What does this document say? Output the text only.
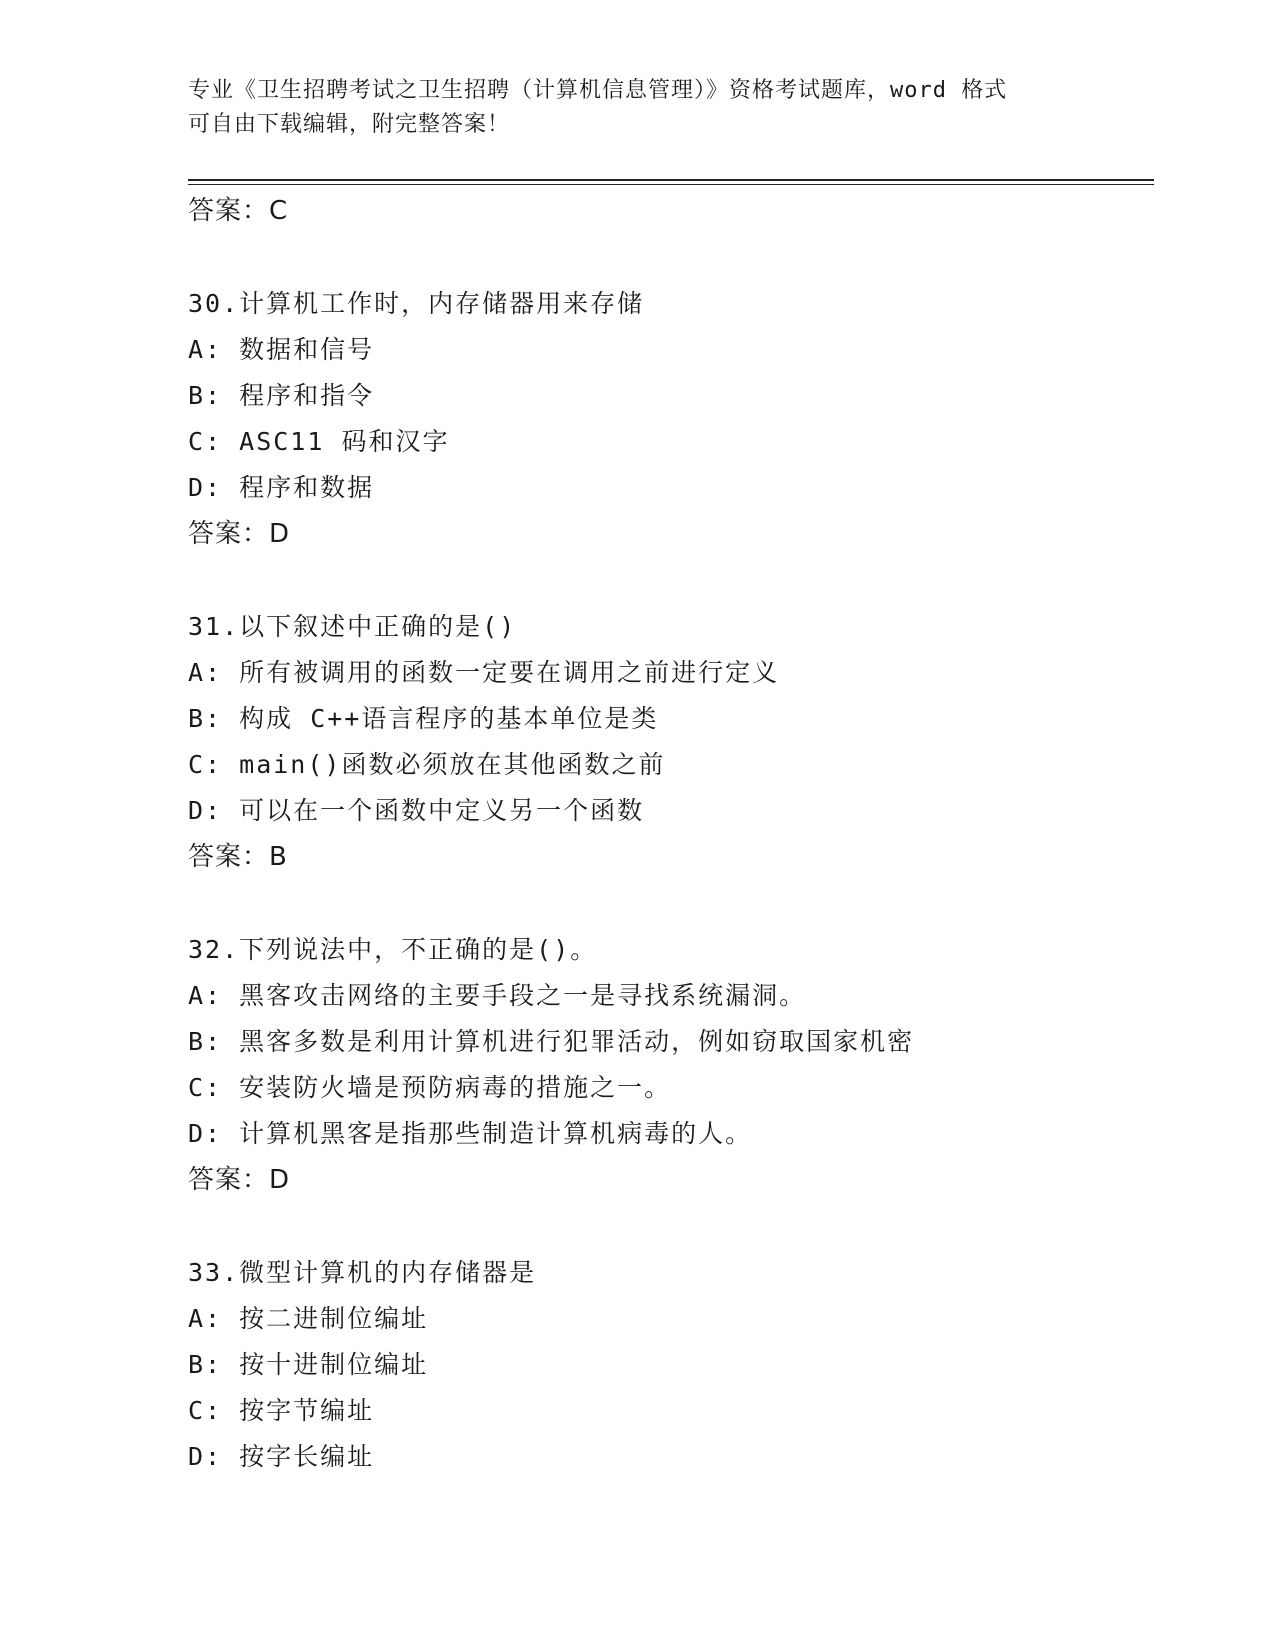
专业《卫生招聘考试之卫生招聘（计算机信息管理）》资格考试题库，word 格式
可自由下载编辑，附完整答案！
答案：C
30.计算机工作时，内存储器用来存储
A: 数据和信号
B: 程序和指令
C: ASC11 码和汉字
D: 程序和数据
答案：D
31.以下叙述中正确的是()
A: 所有被调用的函数一定要在调用之前进行定义
B: 构成 C++语言程序的基本单位是类
C: main()函数必须放在其他函数之前
D: 可以在一个函数中定义另一个函数
答案：B
32.下列说法中，不正确的是()。
A: 黑客攻击网络的主要手段之一是寻找系统漏洞。
B: 黑客多数是利用计算机进行犯罪活动，例如窃取国家机密
C: 安装防火墙是预防病毒的措施之一。
D: 计算机黑客是指那些制造计算机病毒的人。
答案：D
33.微型计算机的内存储器是
A: 按二进制位编址
B: 按十进制位编址
C: 按字节编址
D: 按字长编址
